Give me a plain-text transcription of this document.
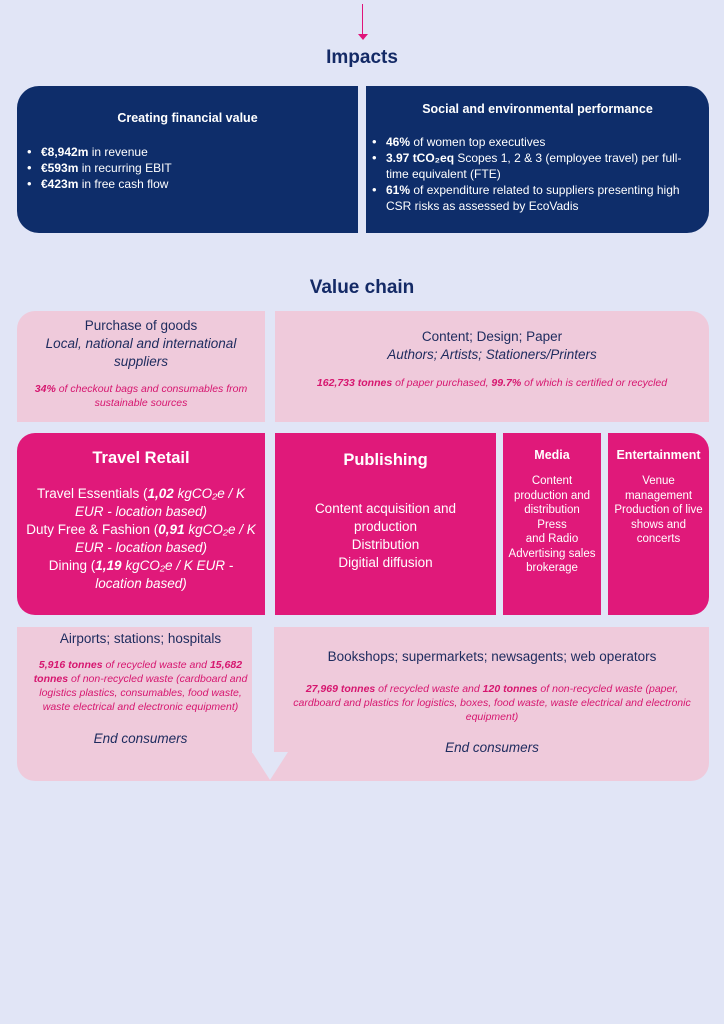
Impacts
Creating financial value
• €8,942m in revenue
• €593m in recurring EBIT
• €423m in free cash flow
Social and environmental performance
• 46% of women top executives
• 3.97 tCO₂eq Scopes 1, 2 & 3 (employee travel) per full-time equivalent (FTE)
• 61% of expenditure related to suppliers presenting high CSR risks as assessed by EcoVadis
Value chain
Purchase of goods
Local, national and international suppliers
34% of checkout bags and consumables from sustainable sources
Content; Design; Paper
Authors; Artists; Stationers/Printers
162,733 tonnes of paper purchased, 99.7% of which is certified or recycled
Travel Retail
Travel Essentials (1,02 kgCO₂e / K EUR - location based)
Duty Free & Fashion (0,91 kgCO₂e / K EUR - location based)
Dining (1,19 kgCO₂e / K EUR - location based)
Publishing
Content acquisition and production
Distribution
Digitial diffusion
Media
Content production and distribution
Press
and Radio
Advertising sales brokerage
Entertainment
Venue management
Production of live shows and concerts
Airports; stations; hospitals
5,916 tonnes of recycled waste and 15,682 tonnes of non-recycled waste (cardboard and logistics plastics, consumables, food waste, waste electrical and electronic equipment)
End consumers
Bookshops; supermarkets; newsagents; web operators
27,969 tonnes of recycled waste and 120 tonnes of non-recycled waste (paper, cardboard and plastics for logistics, boxes, food waste, waste electrical and electronic equipment)
End consumers
